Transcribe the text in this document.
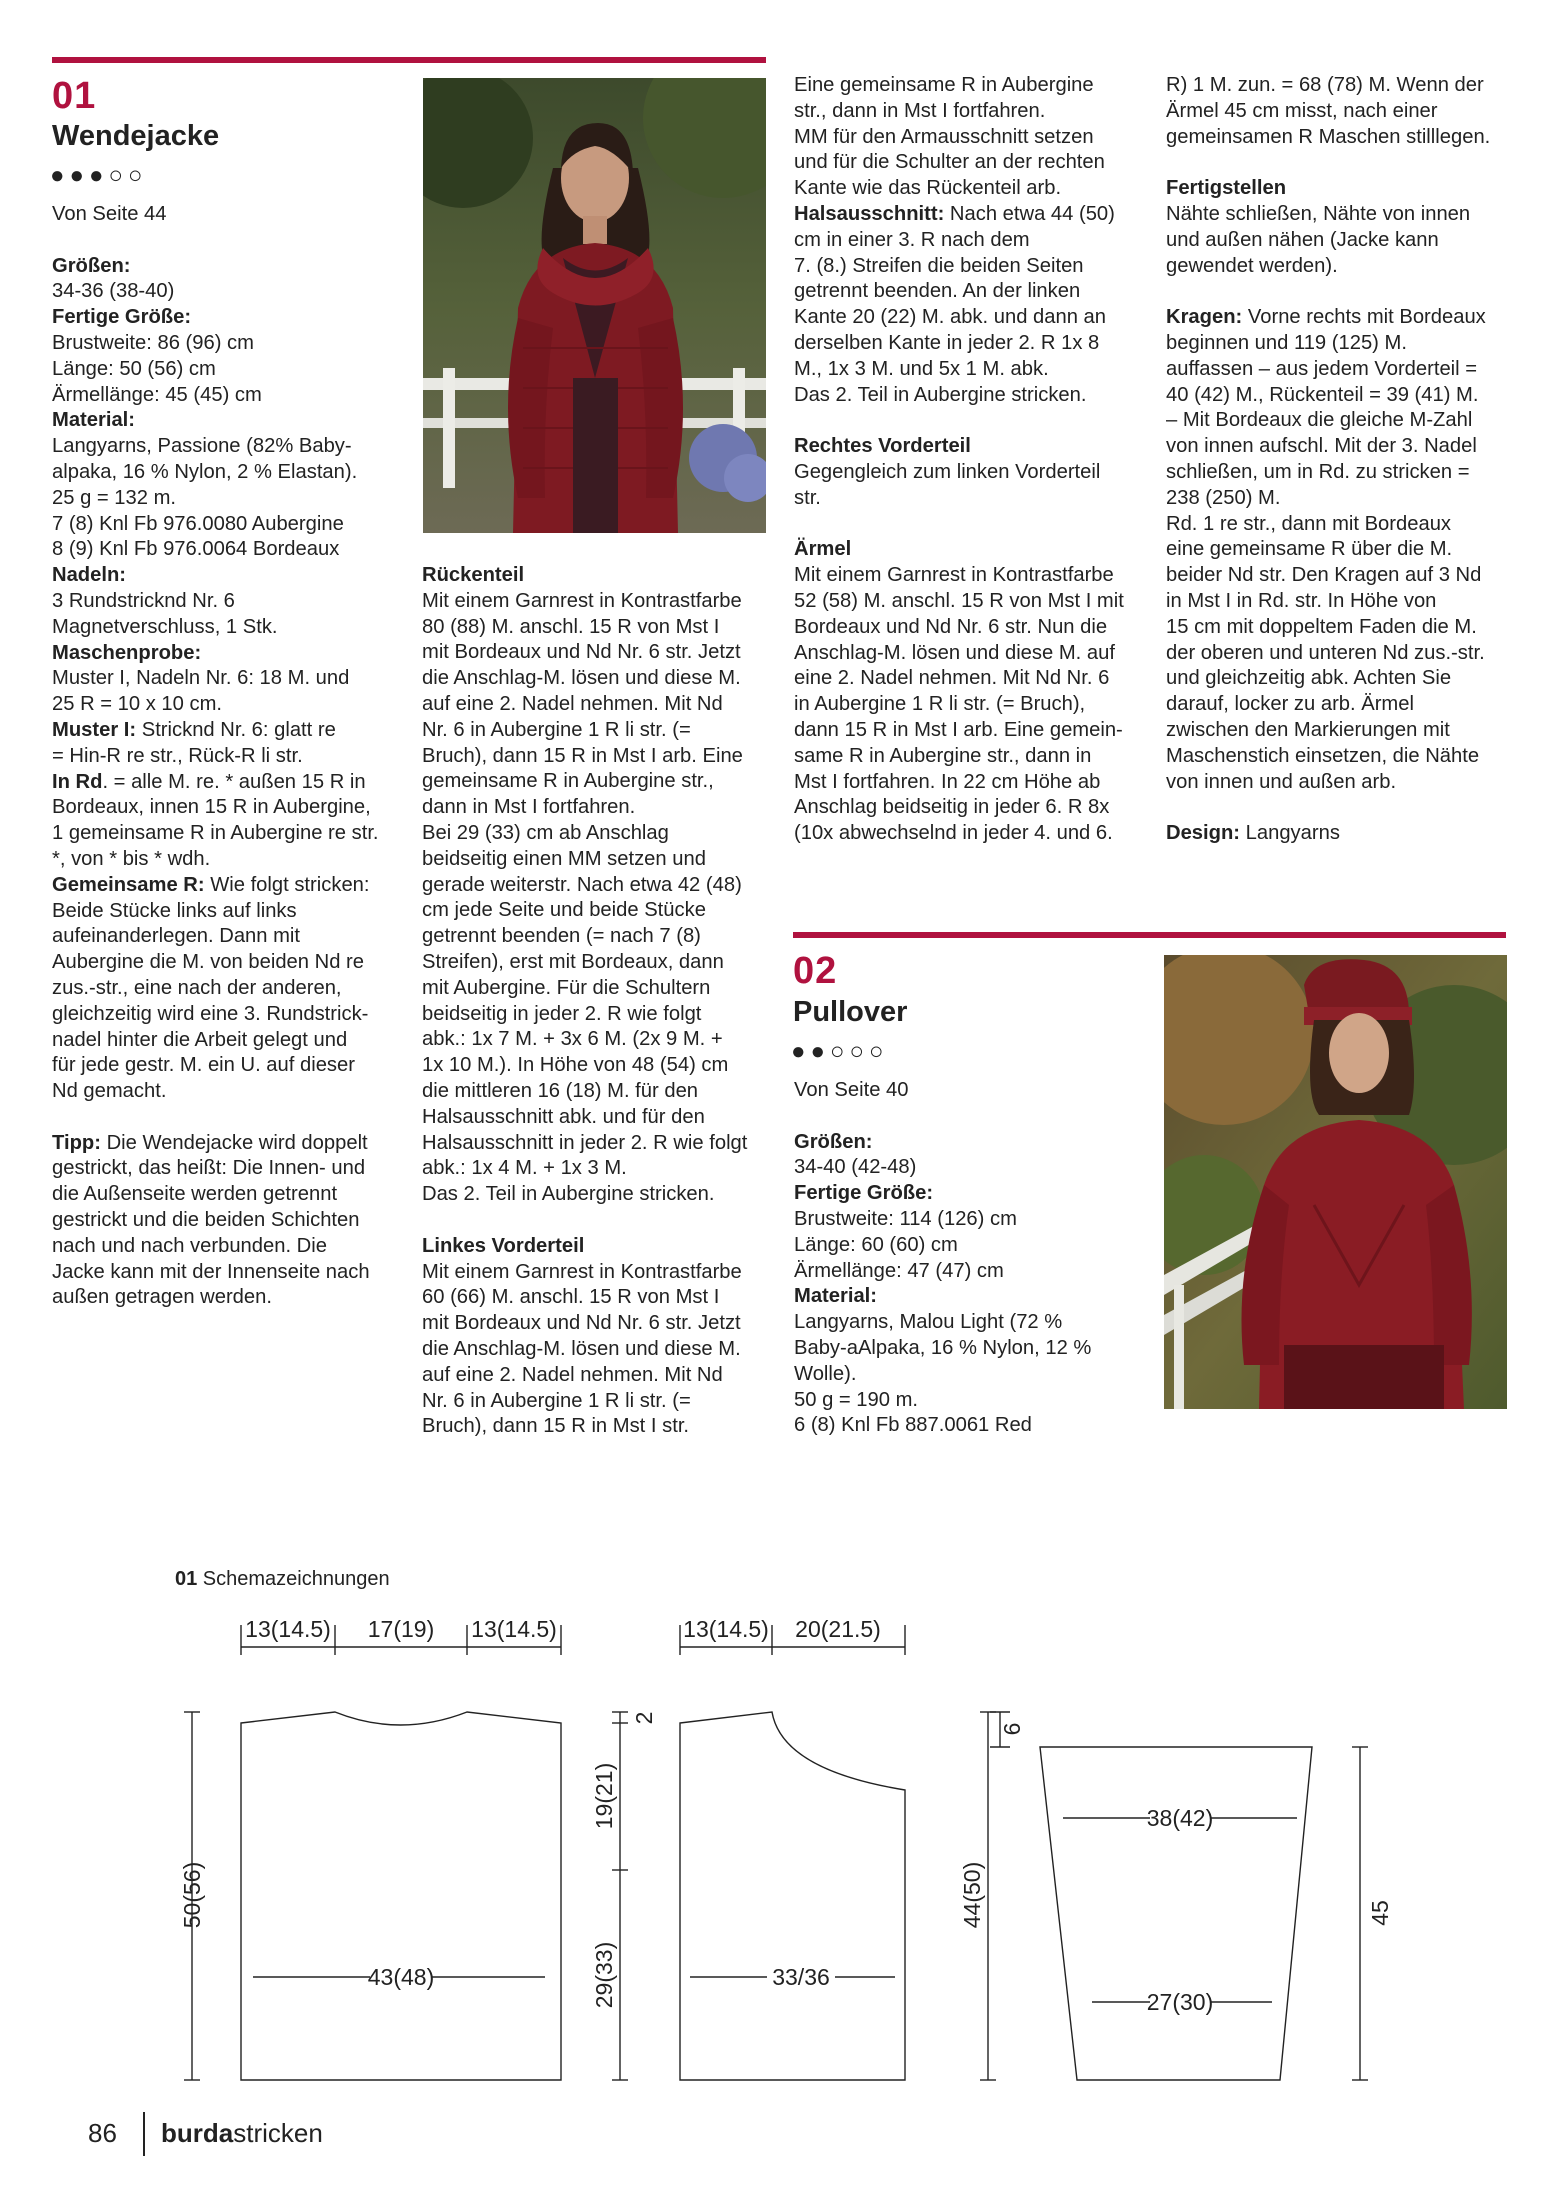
01
Wendejacke
●●●○○

Von Seite 44

Größen:

34-36 (38-40)

Fertige Größe:

Brustweite: 86 (96) cm

Länge: 50 (56) cm

Ärmellänge: 45 (45) cm

Material:

Langyarns, Passione (82% Baby-
alpaka, 16 % Nylon, 2 % Elastan).
25 g = 132 m.
7 (8) Knl Fb 976.0080 Aubergine
8 (9) Knl Fb 976.0064 Bordeaux

Nadeln:

3 Rundstricknd Nr. 6
Magnetverschluss, 1 Stk.

Maschenprobe:

Muster I, Nadeln Nr. 6: 18 M. und
25 R = 10 x 10 cm.

Muster I: Stricknd Nr. 6: glatt re
= Hin-R re str., Rück-R li str.

In Rd. = alle M. re. * außen 15 R in
Bordeaux, innen 15 R in Aubergine,
1 gemeinsame R in Aubergine re str.
*, von * bis * wdh.

Gemeinsame R: Wie folgt stricken:
Beide Stücke links auf links
aufeinanderlegen. Dann mit
Aubergine die M. von beiden Nd re
zus.-str., eine nach der anderen,
gleichzeitig wird eine 3. Rundstrick-
nadel hinter die Arbeit gelegt und
für jede gestr. M. ein U. auf dieser
Nd gemacht.

Tipp: Die Wendejacke wird doppelt
gestrickt, das heißt: Die Innen- und
die Außenseite werden getrennt
gestrickt und die beiden Schichten
nach und nach verbunden. Die
Jacke kann mit der Innenseite nach
außen getragen werden.

Rückenteil

Mit einem Garnrest in Kontrastfarbe
80 (88) M. anschl. 15 R von Mst I
mit Bordeaux und Nd Nr. 6 str. Jetzt
die Anschlag-M. lösen und diese M.
auf eine 2. Nadel nehmen. Mit Nd
Nr. 6 in Aubergine 1 R li str. (=
Bruch), dann 15 R in Mst I arb. Eine
gemeinsame R in Aubergine str.,
dann in Mst I fortfahren.
Bei 29 (33) cm ab Anschlag
beidseitig einen MM setzen und
gerade weiterstr. Nach etwa 42 (48)
cm jede Seite und beide Stücke
getrennt beenden (= nach 7 (8)
Streifen), erst mit Bordeaux, dann
mit Aubergine. Für die Schultern
beidseitig in jeder 2. R wie folgt
abk.: 1x 7 M. + 3x 6 M. (2x 9 M. +
1x 10 M.). In Höhe von 48 (54) cm
die mittleren 16 (18) M. für den
Halsausschnitt abk. und für den
Halsausschnitt in jeder 2. R wie folgt
abk.: 1x 4 M. + 1x 3 M.
Das 2. Teil in Aubergine stricken.

Linkes Vorderteil

Mit einem Garnrest in Kontrastfarbe
60 (66) M. anschl. 15 R von Mst I
mit Bordeaux und Nd Nr. 6 str. Jetzt
die Anschlag-M. lösen und diese M.
auf eine 2. Nadel nehmen. Mit Nd
Nr. 6 in Aubergine 1 R li str. (=
Bruch), dann 15 R in Mst I str.

Eine gemeinsame R in Aubergine
str., dann in Mst I fortfahren.
MM für den Armausschnitt setzen
und für die Schulter an der rechten
Kante wie das Rückenteil arb.

Halsausschnitt: Nach etwa 44 (50)
cm in einer 3. R nach dem
7. (8.) Streifen die beiden Seiten
getrennt beenden. An der linken
Kante 20 (22) M. abk. und dann an
derselben Kante in jeder 2. R 1x 8
M., 1x 3 M. und 5x 1 M. abk.
Das 2. Teil in Aubergine stricken.

Rechtes Vorderteil

Gegengleich zum linken Vorderteil
str.

Ärmel

Mit einem Garnrest in Kontrastfarbe
52 (58) M. anschl. 15 R von Mst I mit
Bordeaux und Nd Nr. 6 str. Nun die
Anschlag-M. lösen und diese M. auf
eine 2. Nadel nehmen. Mit Nd Nr. 6
in Aubergine 1 R li str. (= Bruch),
dann 15 R in Mst I arb. Eine gemein-
same R in Aubergine str., dann in
Mst I fortfahren. In 22 cm Höhe ab
Anschlag beidseitig in jeder 6. R 8x
(10x abwechselnd in jeder 4. und 6.

R) 1 M. zun. = 68 (78) M. Wenn der
Ärmel 45 cm misst, nach einer
gemeinsamen R Maschen stilllegen.

Fertigstellen

Nähte schließen, Nähte von innen
und außen nähen (Jacke kann
gewendet werden).

Kragen: Vorne rechts mit Bordeaux
beginnen und 119 (125) M.
auffassen – aus jedem Vorderteil =
40 (42) M., Rückenteil = 39 (41) M.
– Mit Bordeaux die gleiche M-Zahl
von innen aufschl. Mit der 3. Nadel
schließen, um in Rd. zu stricken =
238 (250) M.
Rd. 1 re str., dann mit Bordeaux
eine gemeinsame R über die M.
beider Nd str. Den Kragen auf 3 Nd
in Mst I in Rd. str. In Höhe von
15 cm mit doppeltem Faden die M.
der oberen und unteren Nd zus.-str.
und gleichzeitig abk. Achten Sie
darauf, locker zu arb. Ärmel
zwischen den Markierungen mit
Maschenstich einsetzen, die Nähte
von innen und außen arb.

Design: Langyarns

02
Pullover
●●○○○

Von Seite 40

Größen:

34-40 (42-48)

Fertige Größe:

Brustweite: 114 (126) cm
Länge: 60 (60) cm
Ärmellänge: 47 (47) cm

Material:

Langyarns, Malou Light (72 %
Baby-aAlpaka, 16 % Nylon, 12 %
Wolle).
50 g = 190 m.
6 (8) Knl Fb 887.0061 Red

01 Schemazeichnungen
13(14.5) 17(19) 13(14.5)
50(56)
43(48)
2
19(21)
29(33)
13(14.5) 20(21.5)
33/36
44(50)
6
38(42)
27(30)
45
86 burdastricken
